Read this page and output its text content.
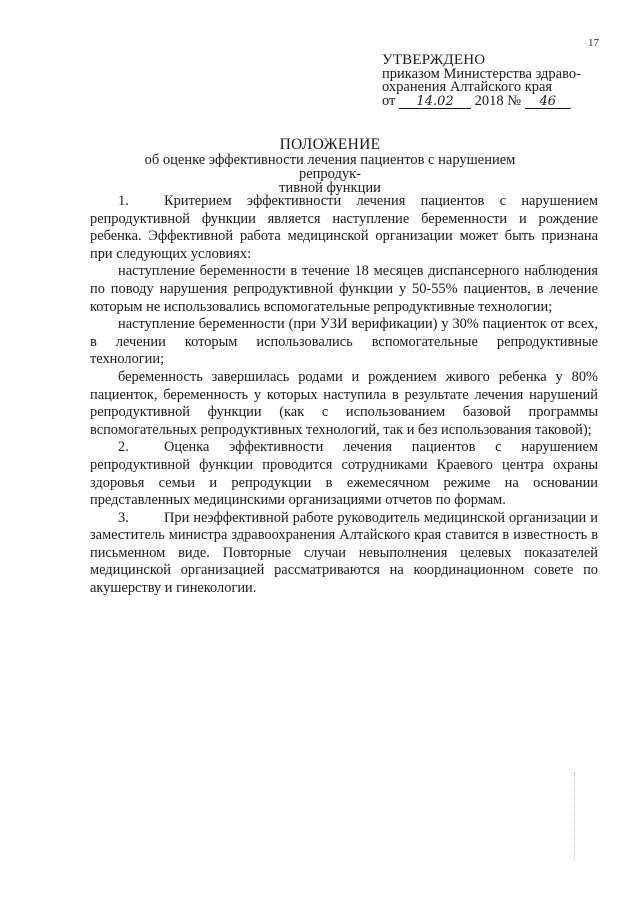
17
УТВЕРЖДЕНО
приказом Министерства здраво-
охранения Алтайского края
от 14.02 2018 № 46
ПОЛОЖЕНИЕ
об оценке эффективности лечения пациентов с нарушением репродук-
тивной функции

1. Критерием эффективности лечения пациентов с нарушением репродуктивной функции является наступление беременности и рождение ребенка. Эффективной работа медицинской организации может быть признана при следующих условиях:

наступление беременности в течение 18 месяцев диспансерного наблюдения по поводу нарушения репродуктивной функции у 50-55% пациентов, в лечение которым не использовались вспомогательные репродуктивные технологии;

наступление беременности (при УЗИ верификации) у 30% пациенток от всех, в лечении которым использовались вспомогательные репродуктивные технологии;

беременность завершилась родами и рождением живого ребенка у 80% пациенток, беременность у которых наступила в результате лечения нарушений репродуктивной функции (как с использованием базовой программы вспомогательных репродуктивных технологий, так и без использования таковой);

2. Оценка эффективности лечения пациентов с нарушением репродуктивной функции проводится сотрудниками Краевого центра охраны здоровья семьи и репродукции в ежемесячном режиме на основании представленных медицинскими организациями отчетов по формам.

3. При неэффективной работе руководитель медицинской организации и заместитель министра здравоохранения Алтайского края ставится в известность в письменном виде. Повторные случаи невыполнения целевых показателей медицинской организацией рассматриваются на координационном совете по акушерству и гинекологии.
